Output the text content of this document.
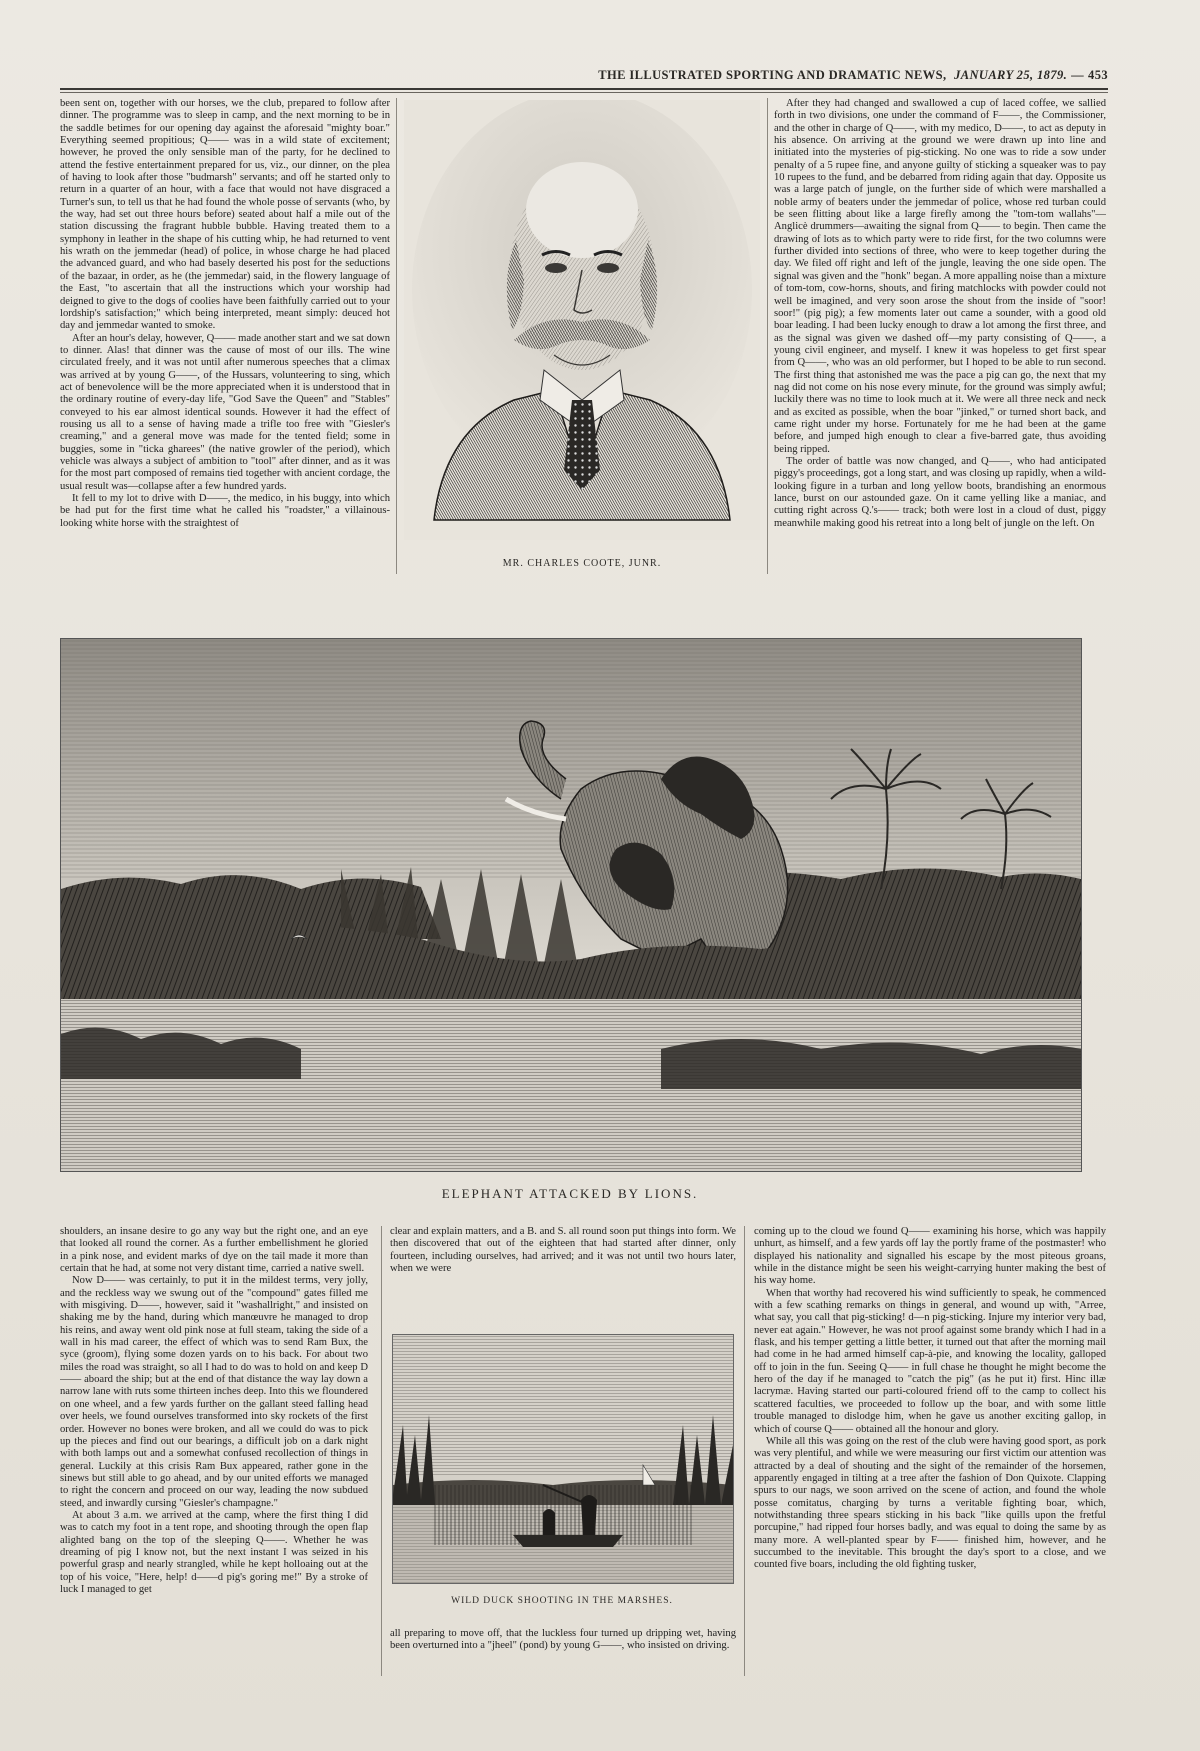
THE ILLUSTRATED SPORTING AND DRAMATIC NEWS, JANUARY 25, 1879. — 453

been sent on, together with our horses, we the club, prepared to follow after dinner. The programme was to sleep in camp, and the next morning to be in the saddle betimes for our opening day against the aforesaid "mighty boar." Everything seemed propitious; Q—— was in a wild state of excitement; however, he proved the only sensible man of the party, for he declined to attend the festive entertainment prepared for us, viz., our dinner, on the plea of having to look after those "budmarsh" servants; and off he started only to return in a quarter of an hour, with a face that would not have disgraced a Turner's sun, to tell us that he had found the whole posse of servants (who, by the way, had set out three hours before) seated about half a mile out of the station discussing the fragrant hubble bubble. Having treated them to a symphony in leather in the shape of his cutting whip, he had returned to vent his wrath on the jemmedar (head) of police, in whose charge he had placed the advanced guard, and who had basely deserted his post for the seductions of the bazaar, in order, as he (the jemmedar) said, in the flowery language of the East, "to ascertain that all the instructions which your worship had deigned to give to the dogs of coolies have been faithfully carried out to your lordship's satisfaction;" which being interpreted, meant simply: deuced hot day and jemmedar wanted to smoke.

After an hour's delay, however, Q—— made another start and we sat down to dinner. Alas! that dinner was the cause of most of our ills. The wine circulated freely, and it was not until after numerous speeches that a climax was arrived at by young G——, of the Hussars, volunteering to sing, which act of benevolence will be the more appreciated when it is understood that in the ordinary routine of every-day life, "God Save the Queen" and "Stables" conveyed to his ear almost identical sounds. However it had the effect of rousing us all to a sense of having made a trifle too free with "Giesler's creaming," and a general move was made for the tented field; some in buggies, some in "ticka gharees" (the native growler of the period), which vehicle was always a subject of ambition to "tool" after dinner, and as it was for the most part composed of remains tied together with ancient cordage, the usual result was—collapse after a few hundred yards.

It fell to my lot to drive with D——, the medico, in his buggy, into which be had put for the first time what he called his "roadster," a villainous-looking white horse with the straightest of

MR. CHARLES COOTE, JUNR.

After they had changed and swallowed a cup of laced coffee, we sallied forth in two divisions, one under the command of F——, the Commissioner, and the other in charge of Q——, with my medico, D——, to act as deputy in his absence. On arriving at the ground we were drawn up into line and initiated into the mysteries of pig-sticking. No one was to ride a sow under penalty of a 5 rupee fine, and anyone guilty of sticking a squeaker was to pay 10 rupees to the fund, and be debarred from riding again that day. Opposite us was a large patch of jungle, on the further side of which were marshalled a noble army of beaters under the jemmedar of police, whose red turban could be seen flitting about like a large firefly among the "tom-tom wallahs"—Anglicè drummers—awaiting the signal from Q—— to begin. Then came the drawing of lots as to which party were to ride first, for the two columns were further divided into sections of three, who were to keep together during the day. We filed off right and left of the jungle, leaving the one side open. The signal was given and the "honk" began. A more appalling noise than a mixture of tom-tom, cow-horns, shouts, and firing matchlocks with powder could not well be imagined, and very soon arose the shout from the inside of "soor! soor!" (pig pig); a few moments later out came a sounder, with a good old boar leading. I had been lucky enough to draw a lot among the first three, and as the signal was given we dashed off—my party consisting of Q——, a young civil engineer, and myself. I knew it was hopeless to get first spear from Q——, who was an old performer, but I hoped to be able to run second. The first thing that astonished me was the pace a pig can go, the next that my nag did not come on his nose every minute, for the ground was simply awful; luckily there was no time to look much at it. We were all three neck and neck and as excited as possible, when the boar "jinked," or turned short back, and came right under my horse. Fortunately for me he had been at the game before, and jumped high enough to clear a five-barred gate, thus avoiding being ripped.

The order of battle was now changed, and Q——, who had anticipated piggy's proceedings, got a long start, and was closing up rapidly, when a wild-looking figure in a turban and long yellow boots, brandishing an enormous lance, burst on our astounded gaze. On it came yelling like a maniac, and cutting right across Q.'s—— track; both were lost in a cloud of dust, piggy meanwhile making good his retreat into a long belt of jungle on the left. On

ELEPHANT ATTACKED BY LIONS.

shoulders, an insane desire to go any way but the right one, and an eye that looked all round the corner. As a further embellishment he gloried in a pink nose, and evident marks of dye on the tail made it more than certain that he had, at some not very distant time, carried a native swell.

Now D—— was certainly, to put it in the mildest terms, very jolly, and the reckless way we swung out of the "compound" gates filled me with misgiving. D——, however, said it "washallright," and insisted on shaking me by the hand, during which manœuvre he managed to drop his reins, and away went old pink nose at full steam, taking the side of a wall in his mad career, the effect of which was to send Ram Bux, the syce (groom), flying some dozen yards on to his back. For about two miles the road was straight, so all I had to do was to hold on and keep D—— aboard the ship; but at the end of that distance the way lay down a narrow lane with ruts some thirteen inches deep. Into this we floundered on one wheel, and a few yards further on the gallant steed falling head over heels, we found ourselves transformed into sky rockets of the first order. However no bones were broken, and all we could do was to pick up the pieces and find out our bearings, a difficult job on a dark night with both lamps out and a somewhat confused recollection of things in general. Luckily at this crisis Ram Bux appeared, rather gone in the sinews but still able to go ahead, and by our united efforts we managed to right the concern and proceed on our way, leading the now subdued steed, and inwardly cursing "Giesler's champagne."

At about 3 a.m. we arrived at the camp, where the first thing I did was to catch my foot in a tent rope, and shooting through the open flap alighted bang on the top of the sleeping Q——. Whether he was dreaming of pig I know not, but the next instant I was seized in his powerful grasp and nearly strangled, while he kept holloaing out at the top of his voice, "Here, help! d——d pig's goring me!" By a stroke of luck I managed to get

clear and explain matters, and a B. and S. all round soon put things into form. We then discovered that out of the eighteen that had started after dinner, only fourteen, including ourselves, had arrived; and it was not until two hours later, when we were

WILD DUCK SHOOTING IN THE MARSHES.

all preparing to move off, that the luckless four turned up dripping wet, having been overturned into a "jheel" (pond) by young G——, who insisted on driving.

coming up to the cloud we found Q—— examining his horse, which was happily unhurt, as himself, and a few yards off lay the portly frame of the postmaster! who displayed his nationality and signalled his escape by the most piteous groans, while in the distance might be seen his weight-carrying hunter making the best of his way home.

When that worthy had recovered his wind sufficiently to speak, he commenced with a few scathing remarks on things in general, and wound up with, "Arree, what say, you call that pig-sticking! d—n pig-sticking. Injure my interior very bad, never eat again." However, he was not proof against some brandy which I had in a flask, and his temper getting a little better, it turned out that after the morning mail had come in he had armed himself cap-à-pie, and knowing the locality, galloped off to join in the fun. Seeing Q—— in full chase he thought he might become the hero of the day if he managed to "catch the pig" (as he put it) first. Hinc illæ lacrymæ. Having started our parti-coloured friend off to the camp to collect his scattered faculties, we proceeded to follow up the boar, and with some little trouble managed to dislodge him, when he gave us another exciting gallop, in which of course Q—— obtained all the honour and glory.

While all this was going on the rest of the club were having good sport, as pork was very plentiful, and while we were measuring our first victim our attention was attracted by a deal of shouting and the sight of the remainder of the horsemen, apparently engaged in tilting at a tree after the fashion of Don Quixote. Clapping spurs to our nags, we soon arrived on the scene of action, and found the whole posse comitatus, charging by turns a veritable fighting boar, which, notwithstanding three spears sticking in his back "like quills upon the fretful porcupine," had ripped four horses badly, and was equal to doing the same by as many more. A well-planted spear by F—— finished him, however, and he succumbed to the inevitable. This brought the day's sport to a close, and we counted five boars, including the old fighting tusker,
